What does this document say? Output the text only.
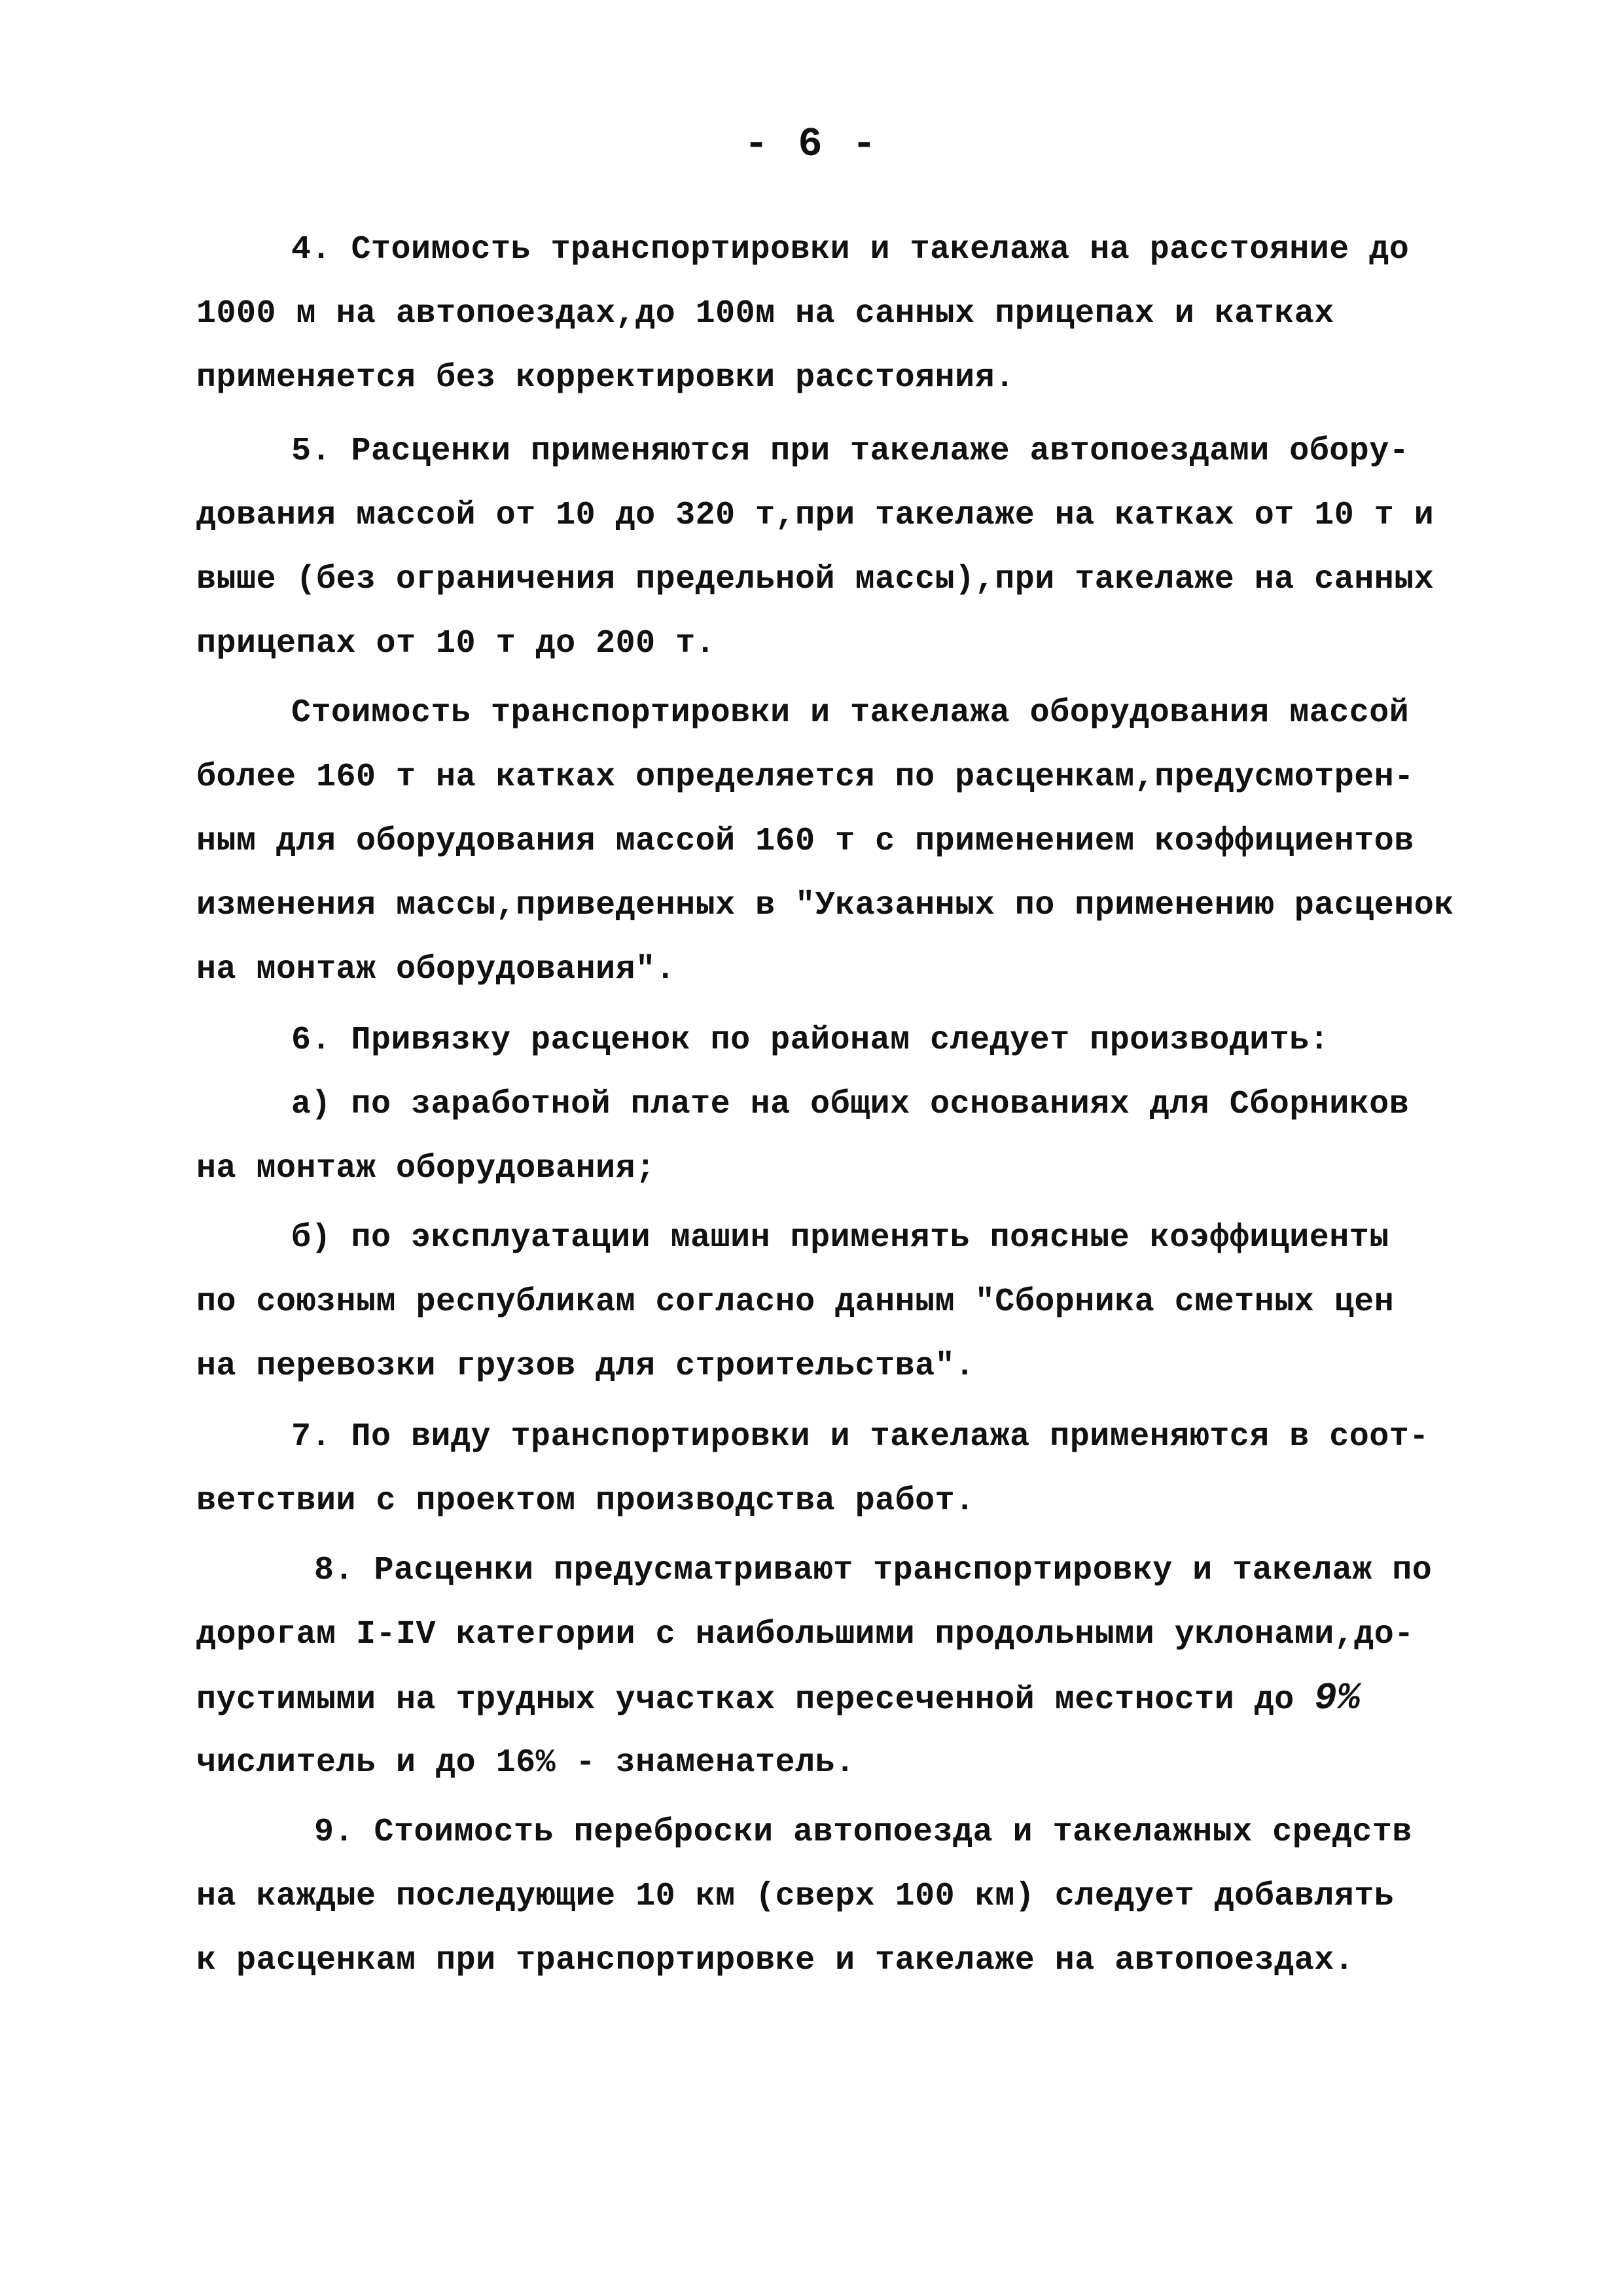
- 6 -
4. Стоимость транспортировки и такелажа на расстояние до
1000 м на автопоездах,до 100м на санных прицепах и катках
применяется без корректировки расстояния.
5. Расценки применяются при такелаже автопоездами обору-
дования массой от 10 до 320 т,при такелаже на катках от 10 т и
выше (без ограничения предельной массы),при такелаже на санных
прицепах от 10 т до 200 т.
Стоимость транспортировки и такелажа оборудования массой
более 160 т на катках определяется по расценкам,предусмотрен-
ным для оборудования массой 160 т с применением коэффициентов
изменения массы,приведенных в "Указанных по применению расценок
на монтаж оборудования".
6. Привязку расценок по районам следует производить:
а) по заработной плате на общих основаниях для Сборников
на монтаж оборудования;
б) по эксплуатации машин применять поясные коэффициенты
по союзным республикам согласно данным "Сборника сметных цен
на перевозки грузов для строительства".
7. По виду транспортировки и такелажа применяются в соот-
ветствии с проектом производства работ.
8. Расценки предусматривают транспортировку и такелаж по
дорогам I-IV категории с наибольшими продольными уклонами,до-
пустимыми на трудных участках пересеченной местности до 9%
числитель и до 16% - знаменатель.
9. Стоимость переброски автопоезда и такелажных средств
на каждые последующие 10 км (сверх 100 км) следует добавлять
к расценкам при транспортировке и такелаже на автопоездах.
